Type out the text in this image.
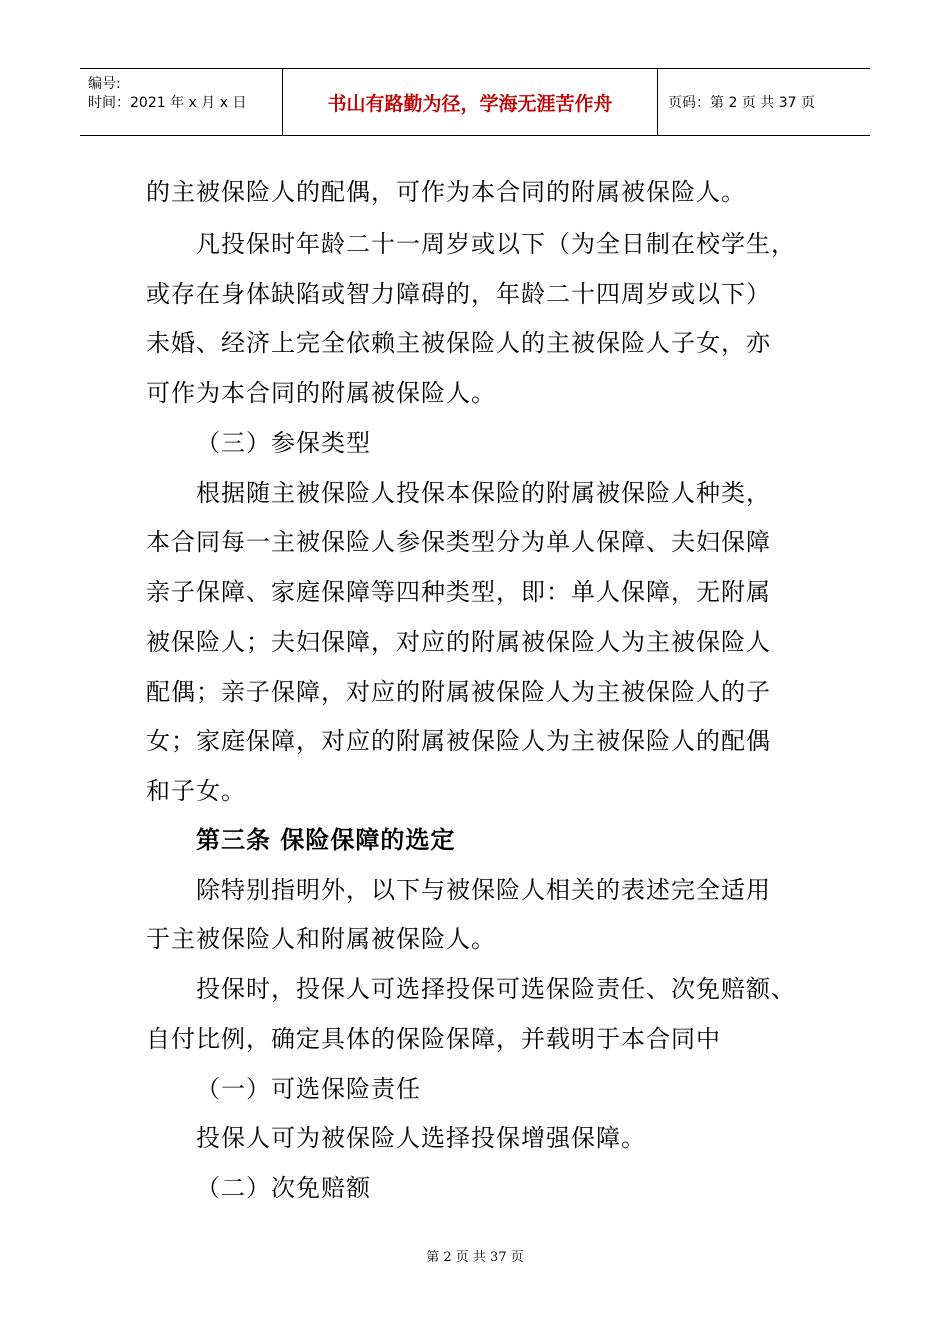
编号:
时间：2021 年 x 月 x 日	书山有路勤为径，学海无涯苦作舟	页码：第 2 页 共 37 页
的主被保险人的配偶，可作为本合同的附属被保险人。
凡投保时年龄二十一周岁或以下（为全日制在校学生，
或存在身体缺陷或智力障碍的，年龄二十四周岁或以下）
未婚、经济上完全依赖主被保险人的主被保险人子女，亦
可作为本合同的附属被保险人。
（三）参保类型
根据随主被保险人投保本保险的附属被保险人种类，
本合同每一主被保险人参保类型分为单人保障、夫妇保障
亲子保障、家庭保障等四种类型，即：单人保障，无附属
被保险人；夫妇保障，对应的附属被保险人为主被保险人
配偶；亲子保障，对应的附属被保险人为主被保险人的子
女；家庭保障，对应的附属被保险人为主被保险人的配偶
和子女。
第三条 保险保障的选定
除特别指明外，以下与被保险人相关的表述完全适用
于主被保险人和附属被保险人。
投保时，投保人可选择投保可选保险责任、次免赔额、
自付比例，确定具体的保险保障，并载明于本合同中
（一）可选保险责任
投保人可为被保险人选择投保增强保障。
（二）次免赔额
第 2 页 共 37 页
